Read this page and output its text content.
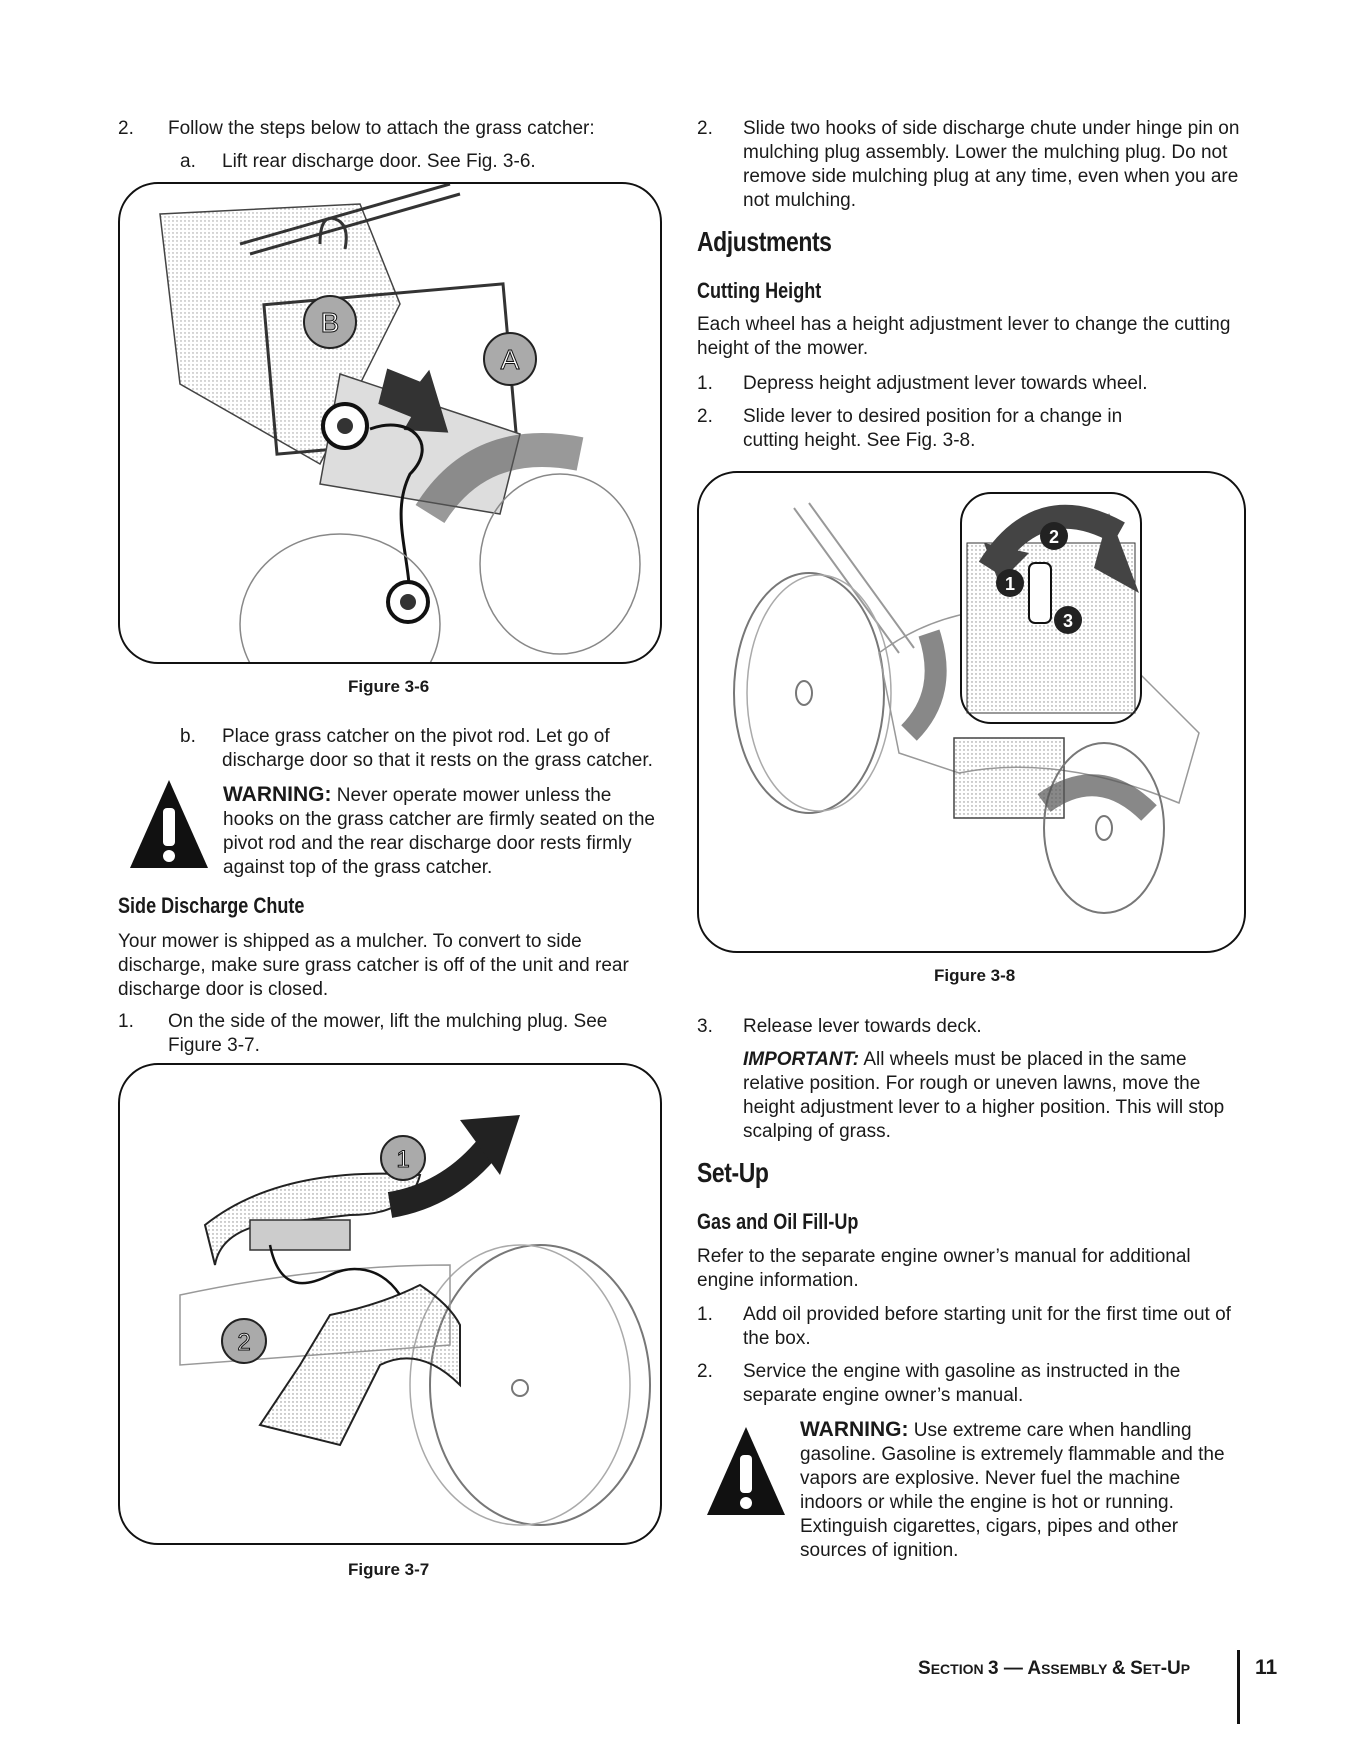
2. Follow the steps below to attach the grass catcher:
a. Lift rear discharge door. See Fig. 3-6.
B
A
Figure 3-6
b. Place grass catcher on the pivot rod. Let go of discharge door so that it rests on the grass catcher.
WARNING: Never operate mower unless the hooks on the grass catcher are firmly seated on the pivot rod and the rear discharge door rests firmly against top of the grass catcher.
Side Discharge Chute
Your mower is shipped as a mulcher. To convert to side discharge, make sure grass catcher is off of the unit and rear discharge door is closed.
1. On the side of the mower, lift the mulching plug. See Figure 3-7.
1
2
Figure 3-7
2. Slide two hooks of side discharge chute under hinge pin on mulching plug assembly. Lower the mulching plug. Do not remove side mulching plug at any time, even when you are not mulching.
Adjustments
Cutting Height
Each wheel has a height adjustment lever to change the cutting height of the mower.
1. Depress height adjustment lever towards wheel.
2. Slide lever to desired position for a change in cutting height. See Fig. 3-8.
2
1
3
Figure 3-8
3. Release lever towards deck.
IMPORTANT: All wheels must be placed in the same relative position. For rough or uneven lawns, move the height adjustment lever to a higher position. This will stop scalping of grass.
Set-Up
Gas and Oil Fill-Up
Refer to the separate engine owner’s manual for additional engine information.
1. Add oil provided before starting unit for the first time out of the box.
2. Service the engine with gasoline as instructed in the separate engine owner’s manual.
WARNING: Use extreme care when handling gasoline. Gasoline is extremely flammable and the vapors are explosive. Never fuel the machine indoors or while the engine is hot or running. Extinguish cigarettes, cigars, pipes and other sources of ignition.
SECTION 3 — ASSEMBLY & SET-UP	11
